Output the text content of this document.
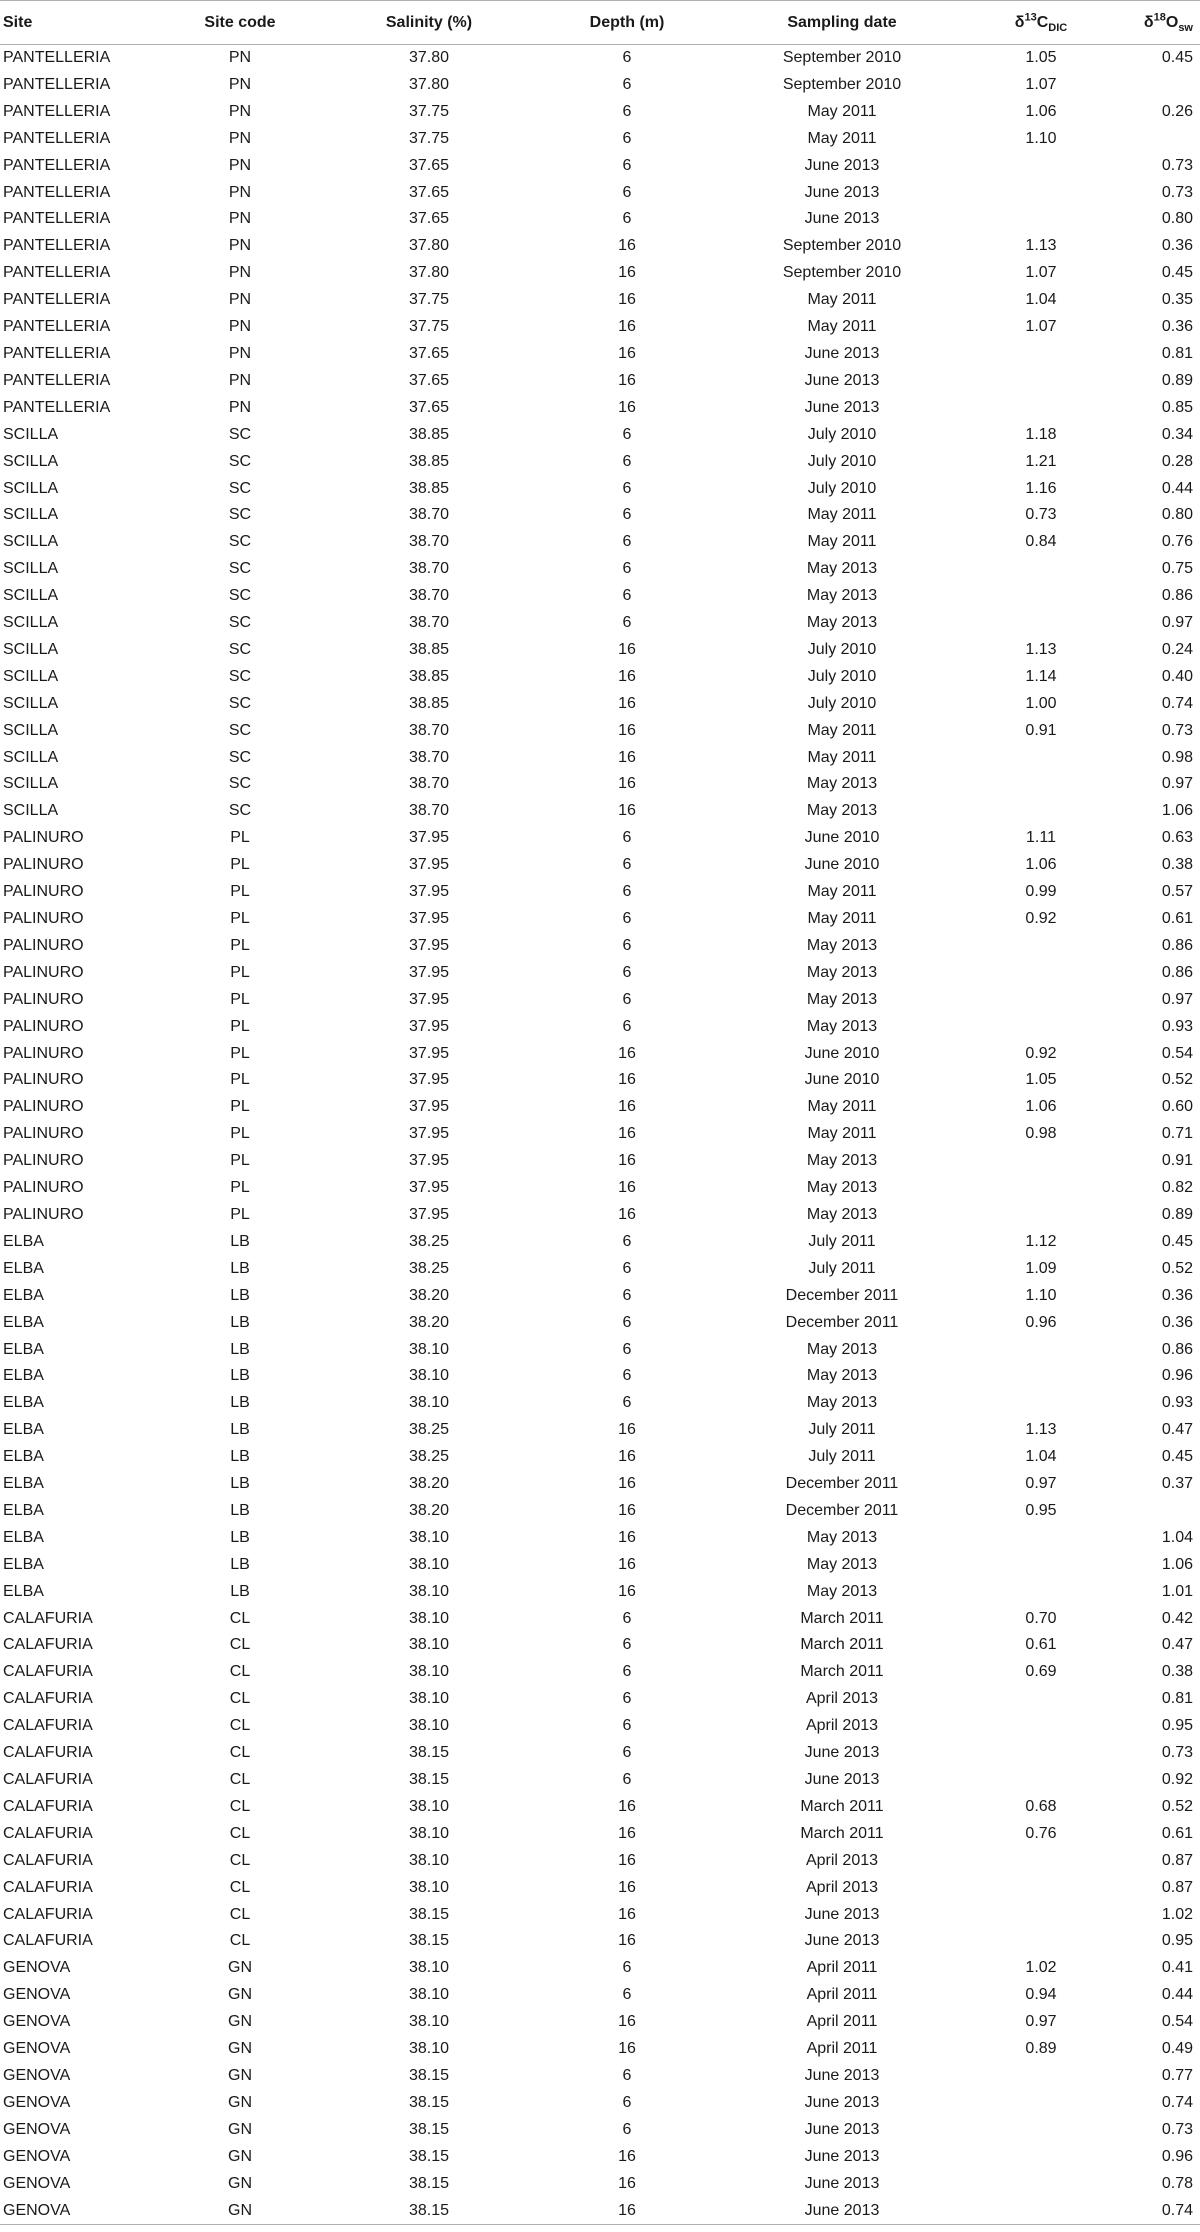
Site	Site code	Salinity (%)	Depth (m)	Sampling date	$\delta^{13}C_{DIC}$	$\delta^{18}O_{sw}$
PANTELLERIA	PN	37.80	6	September 2010	1.05	0.45
PANTELLERIA	PN	37.80	6	September 2010	1.07	
PANTELLERIA	PN	37.75	6	May 2011	1.06	0.26
PANTELLERIA	PN	37.75	6	May 2011	1.10	
PANTELLERIA	PN	37.65	6	June 2013		0.73
PANTELLERIA	PN	37.65	6	June 2013		0.73
PANTELLERIA	PN	37.65	6	June 2013		0.80
PANTELLERIA	PN	37.80	16	September 2010	1.13	0.36
PANTELLERIA	PN	37.80	16	September 2010	1.07	0.45
PANTELLERIA	PN	37.75	16	May 2011	1.04	0.35
PANTELLERIA	PN	37.75	16	May 2011	1.07	0.36
PANTELLERIA	PN	37.65	16	June 2013		0.81
PANTELLERIA	PN	37.65	16	June 2013		0.89
PANTELLERIA	PN	37.65	16	June 2013		0.85
SCILLA	SC	38.85	6	July 2010	1.18	0.34
SCILLA	SC	38.85	6	July 2010	1.21	0.28
SCILLA	SC	38.85	6	July 2010	1.16	0.44
SCILLA	SC	38.70	6	May 2011	0.73	0.80
SCILLA	SC	38.70	6	May 2011	0.84	0.76
SCILLA	SC	38.70	6	May 2013		0.75
SCILLA	SC	38.70	6	May 2013		0.86
SCILLA	SC	38.70	6	May 2013		0.97
SCILLA	SC	38.85	16	July 2010	1.13	0.24
SCILLA	SC	38.85	16	July 2010	1.14	0.40
SCILLA	SC	38.85	16	July 2010	1.00	0.74
SCILLA	SC	38.70	16	May 2011	0.91	0.73
SCILLA	SC	38.70	16	May 2011		0.98
SCILLA	SC	38.70	16	May 2013		0.97
SCILLA	SC	38.70	16	May 2013		1.06
PALINURO	PL	37.95	6	June 2010	1.11	0.63
PALINURO	PL	37.95	6	June 2010	1.06	0.38
PALINURO	PL	37.95	6	May 2011	0.99	0.57
PALINURO	PL	37.95	6	May 2011	0.92	0.61
PALINURO	PL	37.95	6	May 2013		0.86
PALINURO	PL	37.95	6	May 2013		0.86
PALINURO	PL	37.95	6	May 2013		0.97
PALINURO	PL	37.95	6	May 2013		0.93
PALINURO	PL	37.95	16	June 2010	0.92	0.54
PALINURO	PL	37.95	16	June 2010	1.05	0.52
PALINURO	PL	37.95	16	May 2011	1.06	0.60
PALINURO	PL	37.95	16	May 2011	0.98	0.71
PALINURO	PL	37.95	16	May 2013		0.91
PALINURO	PL	37.95	16	May 2013		0.82
PALINURO	PL	37.95	16	May 2013		0.89
ELBA	LB	38.25	6	July 2011	1.12	0.45
ELBA	LB	38.25	6	July 2011	1.09	0.52
ELBA	LB	38.20	6	December 2011	1.10	0.36
ELBA	LB	38.20	6	December 2011	0.96	0.36
ELBA	LB	38.10	6	May 2013		0.86
ELBA	LB	38.10	6	May 2013		0.96
ELBA	LB	38.10	6	May 2013		0.93
ELBA	LB	38.25	16	July 2011	1.13	0.47
ELBA	LB	38.25	16	July 2011	1.04	0.45
ELBA	LB	38.20	16	December 2011	0.97	0.37
ELBA	LB	38.20	16	December 2011	0.95	
ELBA	LB	38.10	16	May 2013		1.04
ELBA	LB	38.10	16	May 2013		1.06
ELBA	LB	38.10	16	May 2013		1.01
CALAFURIA	CL	38.10	6	March 2011	0.70	0.42
CALAFURIA	CL	38.10	6	March 2011	0.61	0.47
CALAFURIA	CL	38.10	6	March 2011	0.69	0.38
CALAFURIA	CL	38.10	6	April 2013		0.81
CALAFURIA	CL	38.10	6	April 2013		0.95
CALAFURIA	CL	38.15	6	June 2013		0.73
CALAFURIA	CL	38.15	6	June 2013		0.92
CALAFURIA	CL	38.10	16	March 2011	0.68	0.52
CALAFURIA	CL	38.10	16	March 2011	0.76	0.61
CALAFURIA	CL	38.10	16	April 2013		0.87
CALAFURIA	CL	38.10	16	April 2013		0.87
CALAFURIA	CL	38.15	16	June 2013		1.02
CALAFURIA	CL	38.15	16	June 2013		0.95
GENOVA	GN	38.10	6	April 2011	1.02	0.41
GENOVA	GN	38.10	6	April 2011	0.94	0.44
GENOVA	GN	38.10	16	April 2011	0.97	0.54
GENOVA	GN	38.10	16	April 2011	0.89	0.49
GENOVA	GN	38.15	6	June 2013		0.77
GENOVA	GN	38.15	6	June 2013		0.74
GENOVA	GN	38.15	6	June 2013		0.73
GENOVA	GN	38.15	16	June 2013		0.96
GENOVA	GN	38.15	16	June 2013		0.78
GENOVA	GN	38.15	16	June 2013		0.74
